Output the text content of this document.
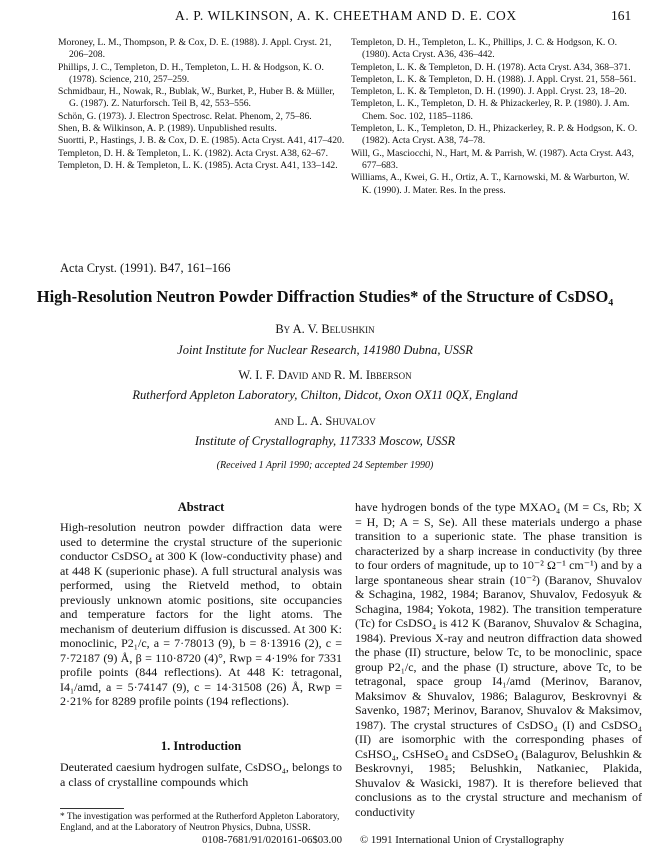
A. P. WILKINSON, A. K. CHEETHAM AND D. E. COX	161
Moroney, L. M., Thompson, P. & Cox, D. E. (1988). J. Appl. Cryst. 21, 206–208.
Phillips, J. C., Templeton, D. H., Templeton, L. H. & Hodgson, K. O. (1978). Science, 210, 257–259.
Schmidbaur, H., Nowak, R., Bublak, W., Burket, P., Huber B. & Müller, G. (1987). Z. Naturforsch. Teil B, 42, 553–556.
Schön, G. (1973). J. Electron Spectrosc. Relat. Phenom, 2, 75–86.
Shen, B. & Wilkinson, A. P. (1989). Unpublished results.
Suortti, P., Hastings, J. B. & Cox, D. E. (1985). Acta Cryst. A41, 417–420.
Templeton, D. H. & Templeton, L. K. (1982). Acta Cryst. A38, 62–67.
Templeton, D. H. & Templeton, L. K. (1985). Acta Cryst. A41, 133–142.
Templeton, D. H., Templeton, L. K., Phillips, J. C. & Hodgson, K. O. (1980). Acta Cryst. A36, 436–442.
Templeton, L. K. & Templeton, D. H. (1978). Acta Cryst. A34, 368–371.
Templeton, L. K. & Templeton, D. H. (1988). J. Appl. Cryst. 21, 558–561.
Templeton, L. K. & Templeton, D. H. (1990). J. Appl. Cryst. 23, 18–20.
Templeton, L. K., Templeton, D. H. & Phizackerley, R. P. (1980). J. Am. Chem. Soc. 102, 1185–1186.
Templeton, L. K., Templeton, D. H., Phizackerley, R. P. & Hodgson, K. O. (1982). Acta Cryst. A38, 74–78.
Will, G., Masciocchi, N., Hart, M. & Parrish, W. (1987). Acta Cryst. A43, 677–683.
Williams, A., Kwei, G. H., Ortiz, A. T., Karnowski, M. & Warburton, W. K. (1990). J. Mater. Res. In the press.
Acta Cryst. (1991). B47, 161–166
High-Resolution Neutron Powder Diffraction Studies* of the Structure of CsDSO₄
By A. V. Belushkin
Joint Institute for Nuclear Research, 141980 Dubna, USSR
W. I. F. David and R. M. Ibberson
Rutherford Appleton Laboratory, Chilton, Didcot, Oxon OX11 0QX, England
and L. A. Shuvalov
Institute of Crystallography, 117333 Moscow, USSR
(Received 1 April 1990; accepted 24 September 1990)
Abstract
High-resolution neutron powder diffraction data were used to determine the crystal structure of the superionic conductor CsDSO₄ at 300 K (low-conductivity phase) and at 448 K (superionic phase). A full structural analysis was performed, using the Rietveld method, to obtain previously unknown atomic positions, site occupancies and temperature factors for the light atoms. The mechanism of deuterium diffusion is discussed. At 300 K: monoclinic, P2₁/c, a = 7·78013 (9), b = 8·13916 (2), c = 7·72187 (9) Å, β = 110·8720 (4)°, Rwp = 4·19% for 7331 profile points (844 reflections). At 448 K: tetragonal, I4₁/amd, a = 5·74147 (9), c = 14·31508 (26) Å, Rwp = 2·21% for 8289 profile points (194 reflections).
1. Introduction
Deuterated caesium hydrogen sulfate, CsDSO₄, belongs to a class of crystalline compounds which
* The investigation was performed at the Rutherford Appleton Laboratory, England, and at the Laboratory of Neutron Physics, Dubna, USSR.
have hydrogen bonds of the type MXAO₄ (M = Cs, Rb; X = H, D; A = S, Se). All these materials undergo a phase transition to a superionic state. The phase transition is characterized by a sharp increase in conductivity (by three to four orders of magnitude, up to 10⁻² Ω⁻¹ cm⁻¹) and by a large spontaneous shear strain (10⁻²) (Baranov, Shuvalov & Schagina, 1982, 1984; Baranov, Shuvalov, Fedosyuk & Schagina, 1984; Yokota, 1982). The transition temperature (Tc) for CsDSO₄ is 412 K (Baranov, Shuvalov & Schagina, 1984). Previous X-ray and neutron diffraction data showed the phase (II) structure, below Tc, to be monoclinic, space group P2₁/c, and the phase (I) structure, above Tc, to be tetragonal, space group I4₁/amd (Merinov, Baranov, Maksimov & Shuvalov, 1986; Balagurov, Beskrovnyi & Savenko, 1987; Merinov, Baranov, Shuvalov & Maksimov, 1987). The crystal structures of CsDSO₄ (I) and CsDSO₄ (II) are isomorphic with the corresponding phases of CsHSO₄, CsHSeO₄ and CsDSeO₄ (Balagurov, Belushkin & Beskrovnyi, 1985; Belushkin, Natkaniec, Plakida, Shuvalov & Wasicki, 1987). It is therefore believed that conclusions as to the crystal structure and mechanism of conductivity
0108-7681/91/020161-06$03.00 © 1991 International Union of Crystallography
